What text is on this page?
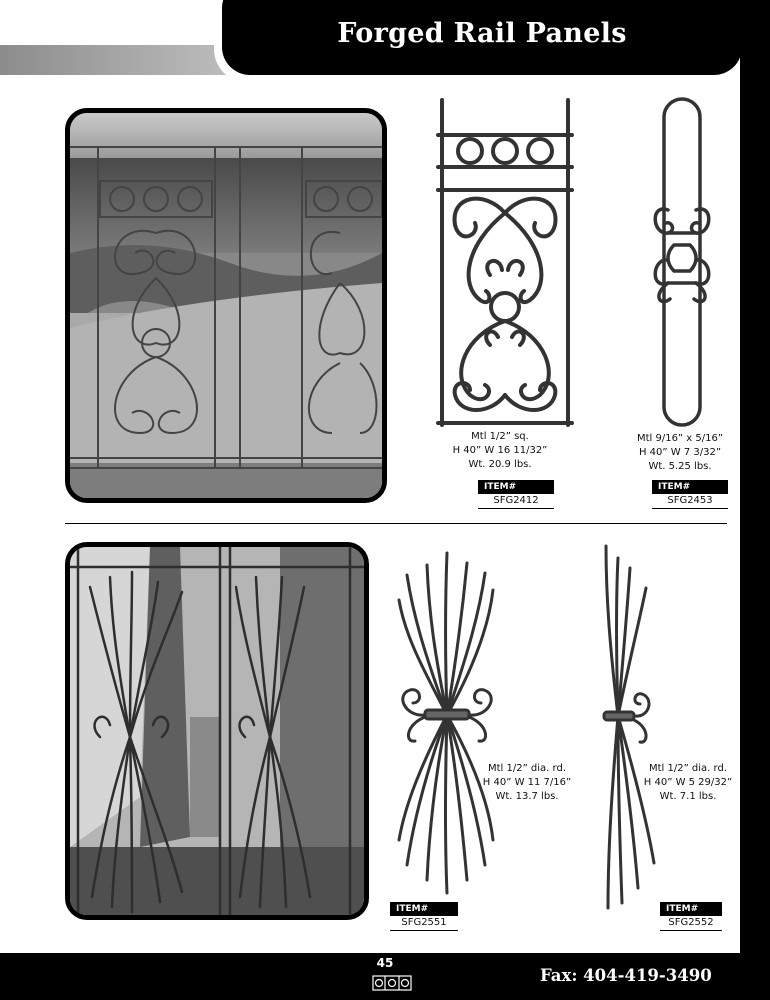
Forged Rail Panels
Mtl 1/2” sq.
H 40” W 16 11/32”
Wt. 20.9 lbs.
ITEM#
SFG2412
Mtl 9/16” x 5/16”
H 40” W 7 3/32”
Wt. 5.25 lbs.
ITEM#
SFG2453
Mtl 1/2” dia. rd.
H 40” W 11 7/16”
Wt. 13.7 lbs.
ITEM#
SFG2551
Mtl 1/2” dia. rd.
H 40” W 5 29/32”
Wt. 7.1 lbs.
ITEM#
SFG2552
45
Fax: 404-419-3490
